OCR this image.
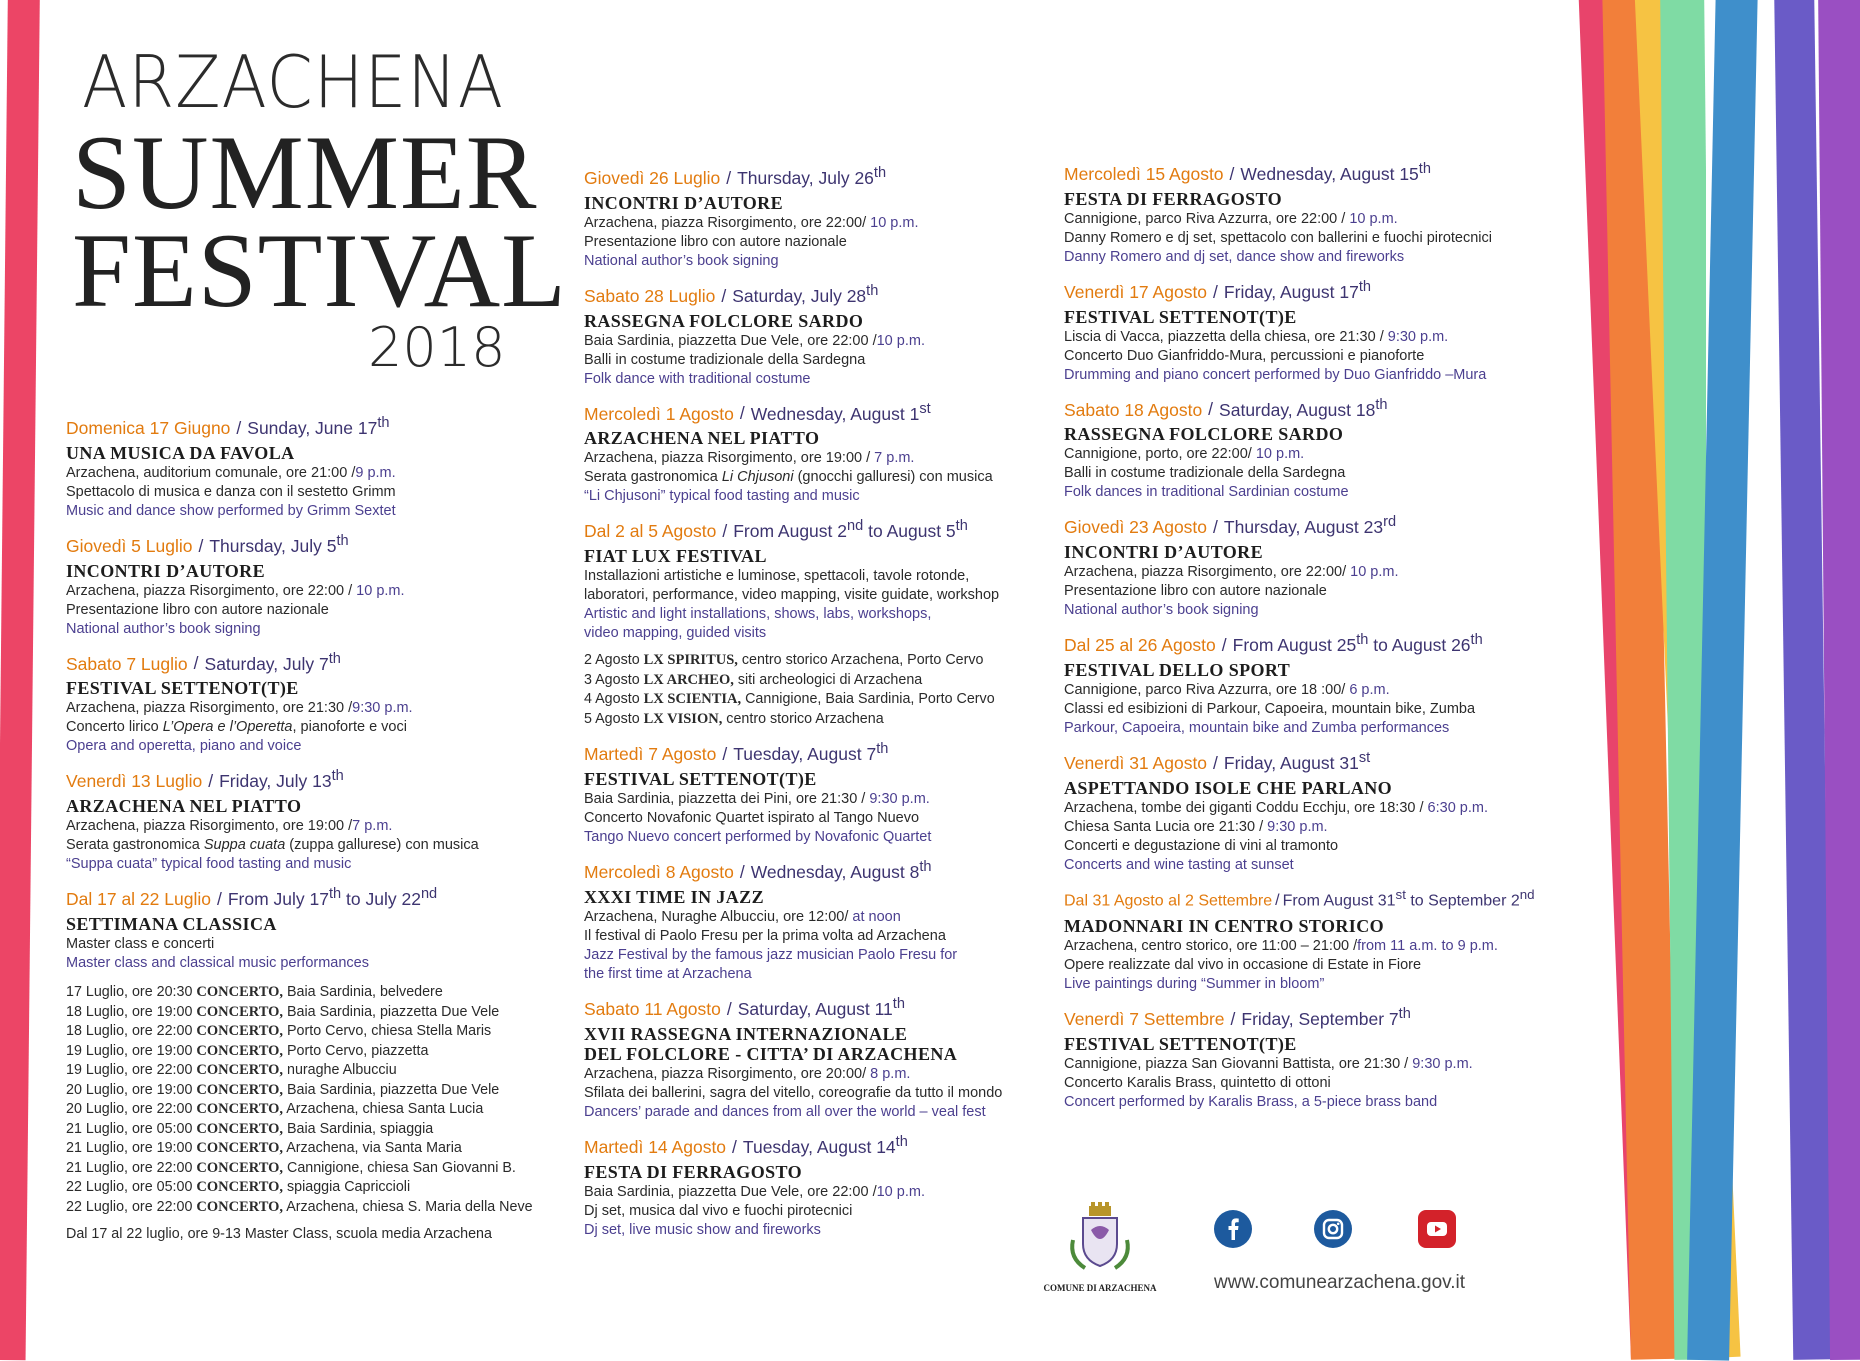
ARZACHENA
SUMMER
FESTIVAL
2018
Domenica 17 Giugno / Sunday, June 17th
UNA MUSICA DA FAVOLA
Arzachena, auditorium comunale, ore 21:00 /9 p.m.
Spettacolo di musica e danza con il sestetto Grimm
Music and dance show performed by Grimm Sextet
Giovedì 5 Luglio / Thursday, July 5th
INCONTRI D’AUTORE
Arzachena, piazza Risorgimento, ore 22:00 / 10 p.m.
Presentazione libro con autore nazionale
National author’s book signing
Sabato 7 Luglio / Saturday, July 7th
FESTIVAL SETTENOT(T)E
Arzachena, piazza Risorgimento, ore 21:30 /9:30 p.m.
Concerto lirico L’Opera e l’Operetta, pianoforte e voci
Opera and operetta, piano and voice
Venerdì 13 Luglio / Friday, July 13th
ARZACHENA NEL PIATTO
Arzachena, piazza Risorgimento, ore 19:00 /7 p.m.
Serata gastronomica Suppa cuata (zuppa gallurese) con musica
“Suppa cuata” typical food tasting and music
Dal 17 al 22 Luglio / From July 17th to July 22nd
SETTIMANA CLASSICA
Master class e concerti
Master class and classical music performances
17 Luglio, ore 20:30 CONCERTO, Baia Sardinia, belvedere
18 Luglio, ore 19:00 CONCERTO, Baia Sardinia, piazzetta Due Vele
18 Luglio, ore 22:00 CONCERTO, Porto Cervo, chiesa Stella Maris
19 Luglio, ore 19:00 CONCERTO, Porto Cervo, piazzetta
19 Luglio, ore 22:00 CONCERTO, nuraghe Albucciu
20 Luglio, ore 19:00 CONCERTO, Baia Sardinia, piazzetta Due Vele
20 Luglio, ore 22:00 CONCERTO, Arzachena, chiesa Santa Lucia
21 Luglio, ore 05:00 CONCERTO, Baia Sardinia, spiaggia
21 Luglio, ore 19:00 CONCERTO, Arzachena, via Santa Maria
21 Luglio, ore 22:00 CONCERTO, Cannigione, chiesa San Giovanni B.
22 Luglio, ore 05:00 CONCERTO, spiaggia Capriccioli
22 Luglio, ore 22:00 CONCERTO, Arzachena, chiesa S. Maria della Neve
Dal 17 al 22 luglio, ore 9-13 Master Class, scuola media Arzachena
Giovedì 26 Luglio / Thursday, July 26th
INCONTRI D’AUTORE
Arzachena, piazza Risorgimento, ore 22:00/ 10 p.m.
Presentazione libro con autore nazionale
National author’s book signing
Sabato 28 Luglio / Saturday, July 28th
RASSEGNA FOLCLORE SARDO
Baia Sardinia, piazzetta Due Vele, ore 22:00 /10 p.m.
Balli in costume tradizionale della Sardegna
Folk dance with traditional costume
Mercoledì 1 Agosto / Wednesday, August 1st
ARZACHENA NEL PIATTO
Arzachena, piazza Risorgimento, ore 19:00 / 7 p.m.
Serata gastronomica Li Chjusoni (gnocchi galluresi) con musica
“Li Chjusoni” typical food tasting and music
Dal 2 al 5 Agosto / From August 2nd to August 5th
FIAT LUX FESTIVAL
Installazioni artistiche e luminose, spettacoli, tavole rotonde,
laboratori, performance, video mapping, visite guidate, workshop
Artistic and light installations, shows, labs, workshops,
video mapping, guided visits
2 Agosto LX SPIRITUS, centro storico Arzachena, Porto Cervo
3 Agosto LX ARCHEO, siti archeologici di Arzachena
4 Agosto LX SCIENTIA, Cannigione, Baia Sardinia, Porto Cervo
5 Agosto LX VISION, centro storico Arzachena
Martedì 7 Agosto / Tuesday, August 7th
FESTIVAL SETTENOT(T)E
Baia Sardinia, piazzetta dei Pini, ore 21:30 / 9:30 p.m.
Concerto Novafonic Quartet ispirato al Tango Nuevo
Tango Nuevo concert performed by Novafonic Quartet
Mercoledì 8 Agosto / Wednesday, August 8th
XXXI TIME IN JAZZ
Arzachena, Nuraghe Albucciu, ore 12:00/ at noon
Il festival di Paolo Fresu per la prima volta ad Arzachena
Jazz Festival by the famous jazz musician Paolo Fresu for
the first time at Arzachena
Sabato 11 Agosto / Saturday, August 11th
XVII RASSEGNA INTERNAZIONALE
DEL FOLCLORE - CITTA’ DI ARZACHENA
Arzachena, piazza Risorgimento, ore 20:00/ 8 p.m.
Sfilata dei ballerini, sagra del vitello, coreografie da tutto il mondo
Dancers’ parade and dances from all over the world – veal fest
Martedì 14 Agosto / Tuesday, August 14th
FESTA DI FERRAGOSTO
Baia Sardinia, piazzetta Due Vele, ore 22:00 /10 p.m.
Dj set, musica dal vivo e fuochi pirotecnici
Dj set, live music show and fireworks
Mercoledì 15 Agosto / Wednesday, August 15th
FESTA DI FERRAGOSTO
Cannigione, parco Riva Azzurra, ore 22:00 / 10 p.m.
Danny Romero e dj set, spettacolo con ballerini e fuochi pirotecnici
Danny Romero and dj set, dance show and fireworks
Venerdì 17 Agosto / Friday, August 17th
FESTIVAL SETTENOT(T)E
Liscia di Vacca, piazzetta della chiesa, ore 21:30 / 9:30 p.m.
Concerto Duo Gianfriddo-Mura, percussioni e pianoforte
Drumming and piano concert performed by Duo Gianfriddo –Mura
Sabato 18 Agosto / Saturday, August 18th
RASSEGNA FOLCLORE SARDO
Cannigione, porto, ore 22:00/ 10 p.m.
Balli in costume tradizionale della Sardegna
Folk dances in traditional Sardinian costume
Giovedì 23 Agosto / Thursday, August 23rd
INCONTRI D’AUTORE
Arzachena, piazza Risorgimento, ore 22:00/ 10 p.m.
Presentazione libro con autore nazionale
National author’s book signing
Dal 25 al 26 Agosto / From August 25th to August 26th
FESTIVAL DELLO SPORT
Cannigione, parco Riva Azzurra, ore 18 :00/ 6 p.m.
Classi ed esibizioni di Parkour, Capoeira, mountain bike, Zumba
Parkour, Capoeira, mountain bike and Zumba performances
Venerdì 31 Agosto / Friday, August 31st
ASPETTANDO ISOLE CHE PARLANO
Arzachena, tombe dei giganti Coddu Ecchju, ore 18:30 / 6:30 p.m.
Chiesa Santa Lucia ore 21:30 / 9:30 p.m.
Concerti e degustazione di vini al tramonto
Concerts and wine tasting at sunset
Dal 31 Agosto al 2 Settembre / From August 31st to September 2nd
MADONNARI IN CENTRO STORICO
Arzachena, centro storico, ore 11:00 – 21:00 /from 11 a.m. to 9 p.m.
Opere realizzate dal vivo in occasione di Estate in Fiore
Live paintings during “Summer in bloom”
Venerdì 7 Settembre / Friday, September 7th
FESTIVAL SETTENOT(T)E
Cannigione, piazza San Giovanni Battista, ore 21:30 / 9:30 p.m.
Concerto Karalis Brass, quintetto di ottoni
Concert performed by Karalis Brass, a 5-piece brass band
COMUNE DI ARZACHENA	www.comunearzachena.gov.it
